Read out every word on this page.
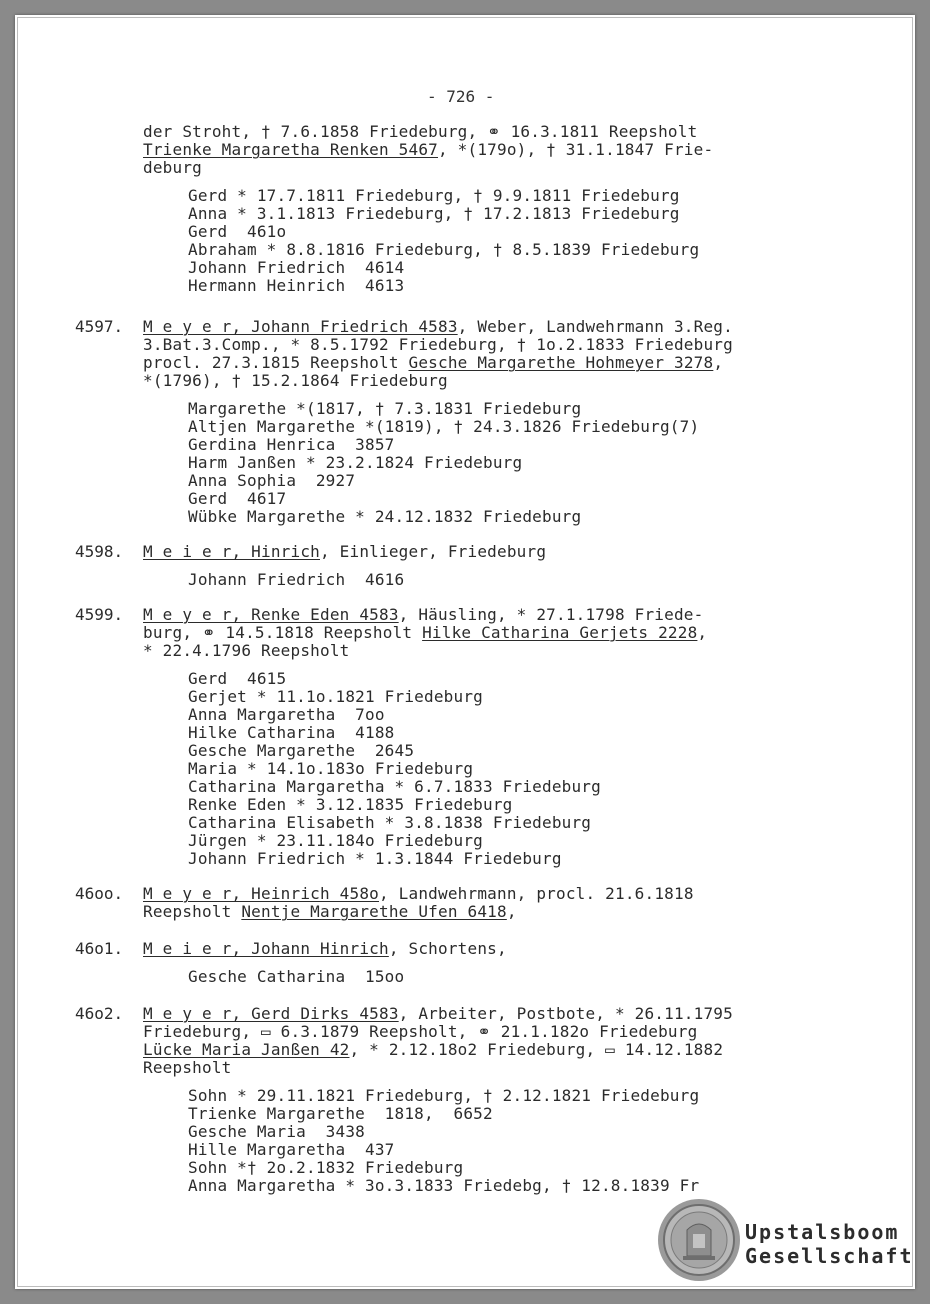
- 726 -
der Stroht, † 7.6.1858 Friedeburg, ⚭ 16.3.1811 Reepsholt
Trienke Margaretha Renken 5467, *(179o), † 31.1.1847 Frie-
deburg
Gerd * 17.7.1811 Friedeburg, † 9.9.1811 Friedeburg
Anna * 3.1.1813 Friedeburg, † 17.2.1813 Friedeburg
Gerd  461o
Abraham * 8.8.1816 Friedeburg, † 8.5.1839 Friedeburg
Johann Friedrich  4614
Hermann Heinrich  4613
4597. M e y e r, Johann Friedrich 4583, Weber, Landwehrmann 3.Reg.
3.Bat.3.Comp., * 8.5.1792 Friedeburg, † 1o.2.1833 Friedeburg
procl. 27.3.1815 Reepsholt Gesche Margarethe Hohmeyer 3278,
*(1796), † 15.2.1864 Friedeburg
Margarethe *(1817, † 7.3.1831 Friedeburg
Altjen Margarethe *(1819), † 24.3.1826 Friedeburg(7)
Gerdina Henrica  3857
Harm Janßen * 23.2.1824 Friedeburg
Anna Sophia  2927
Gerd  4617
Wübke Margarethe * 24.12.1832 Friedeburg
4598. M e i e r, Hinrich, Einlieger, Friedeburg
Johann Friedrich  4616
4599. M e y e r, Renke Eden 4583, Häusling, * 27.1.1798 Friede-
burg, ⚭ 14.5.1818 Reepsholt Hilke Catharina Gerjets 2228,
* 22.4.1796 Reepsholt
Gerd  4615
Gerjet * 11.1o.1821 Friedeburg
Anna Margaretha  7oo
Hilke Catharina  4188
Gesche Margarethe  2645
Maria * 14.1o.183o Friedeburg
Catharina Margaretha * 6.7.1833 Friedeburg
Renke Eden * 3.12.1835 Friedeburg
Catharina Elisabeth * 3.8.1838 Friedeburg
Jürgen * 23.11.184o Friedeburg
Johann Friedrich * 1.3.1844 Friedeburg
46oo. M e y e r, Heinrich 458o, Landwehrmann, procl. 21.6.1818
Reepsholt Nentje Margarethe Ufen 6418,
46o1. M e i e r, Johann Hinrich, Schortens,
Gesche Catharina  15oo
46o2. M e y e r, Gerd Dirks 4583, Arbeiter, Postbote, * 26.11.1795
Friedeburg, ▭ 6.3.1879 Reepsholt, ⚭ 21.1.182o Friedeburg
Lücke Maria Janßen 42, * 2.12.18o2 Friedeburg, ▭ 14.12.1882
Reepsholt
Sohn * 29.11.1821 Friedeburg, † 2.12.1821 Friedeburg
Trienke Margarethe  1818,  6652
Gesche Maria  3438
Hille Margaretha  437
Sohn *† 2o.2.1832 Friedeburg
Anna Margaretha * 3o.3.1833 Friedebg, † 12.8.1839 Fr
Upstalsboom
Gesellschaft
